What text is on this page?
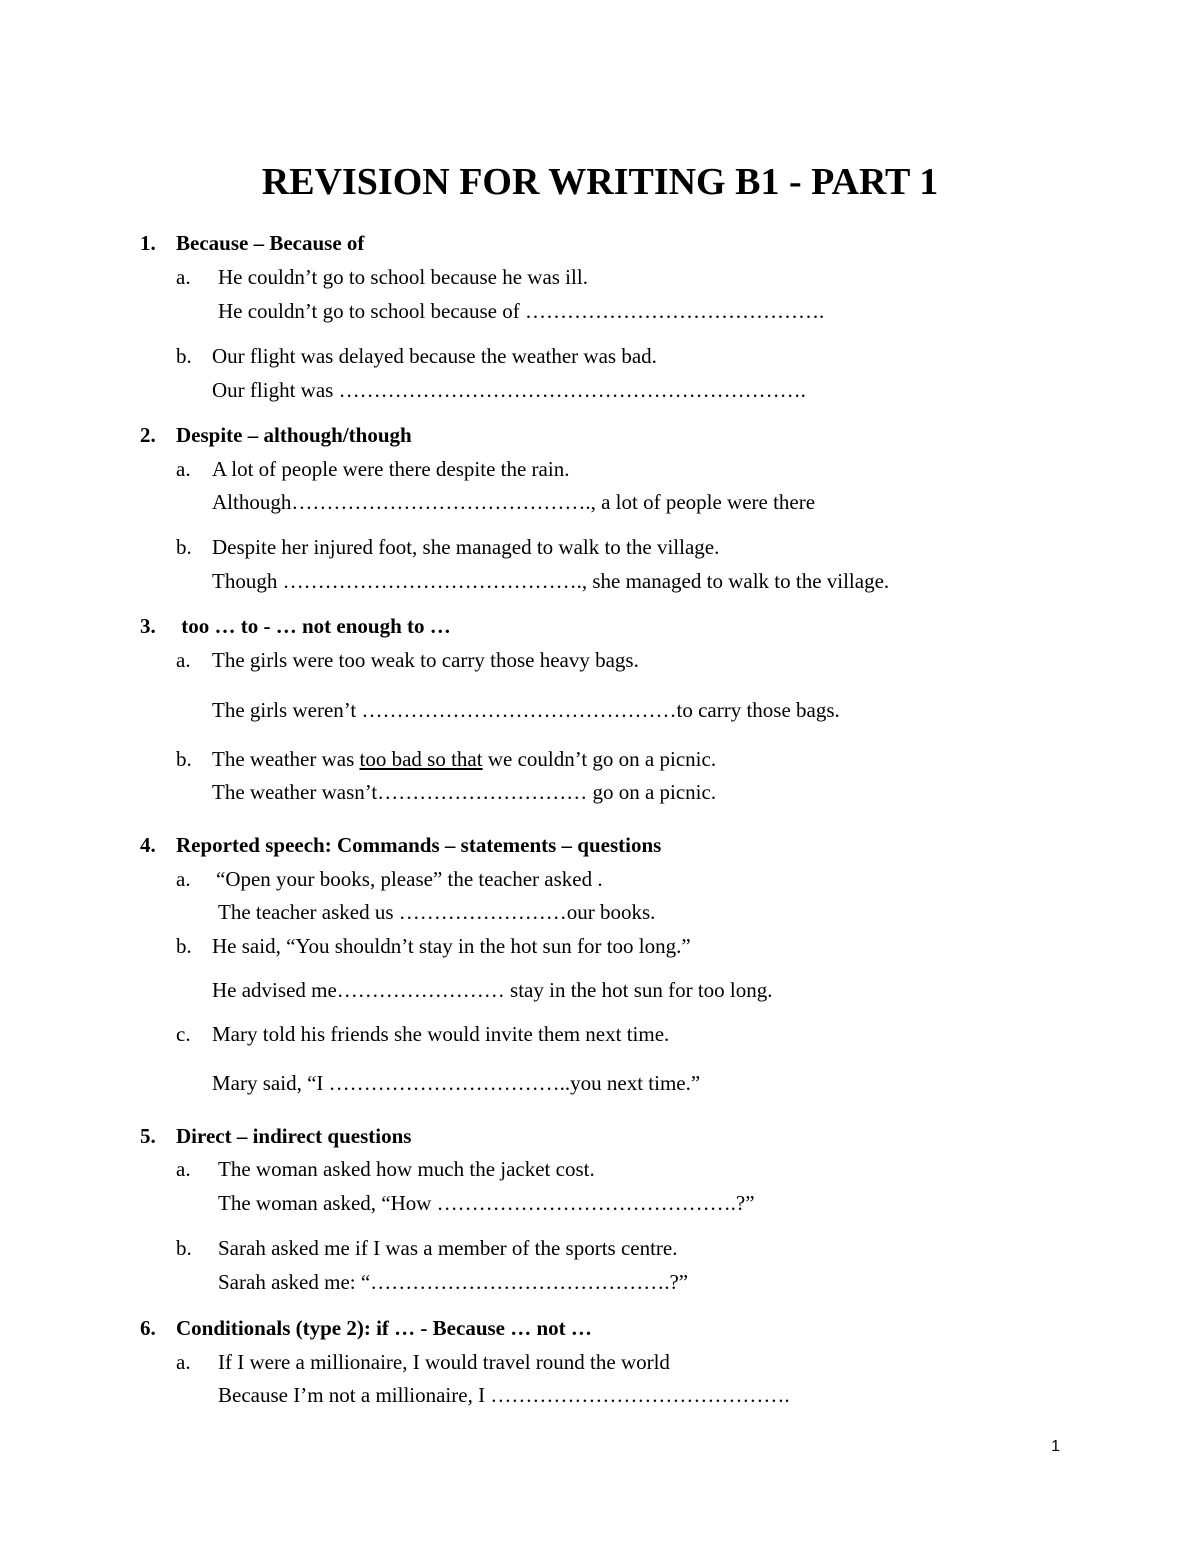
REVISION FOR WRITING B1 - PART 1
1. Because – Because of
a. He couldn’t go to school because he was ill.
He couldn’t go to school because of …………………………………….
b. Our flight was delayed because the weather was bad.
Our flight was ………………………………………………………….
2. Despite – although/though
a. A lot of people were there despite the rain.
Although……………………………………., a lot of people were there
b. Despite her injured foot, she managed to walk to the village.
Though ……………………………………., she managed to walk to the village.
3. too … to - … not enough to …
a. The girls were too weak to carry those heavy bags.
The girls weren’t ………………………………………to carry those bags.
b. The weather was too bad so that we couldn’t go on a picnic.
The weather wasn’t………………………… go on a picnic.
4. Reported speech: Commands – statements – questions
a. “Open your books, please” the teacher asked .
The teacher asked us ……………………our books.
b. He said, “You shouldn’t stay in the hot sun for too long.”
He advised me…………………… stay in the hot sun for too long.
c. Mary told his friends she would invite them next time.
Mary said, “I ……………………………..you next time.”
5. Direct – indirect questions
a. The woman asked how much the jacket cost.
The woman asked, “How …………………………………….?”
b. Sarah asked me if I was a member of the sports centre.
Sarah asked me: “…………………………………….?”
6. Conditionals (type 2): if … - Because … not …
a. If I were a millionaire, I would travel round the world
Because I’m not a millionaire, I …………………………………….
1
